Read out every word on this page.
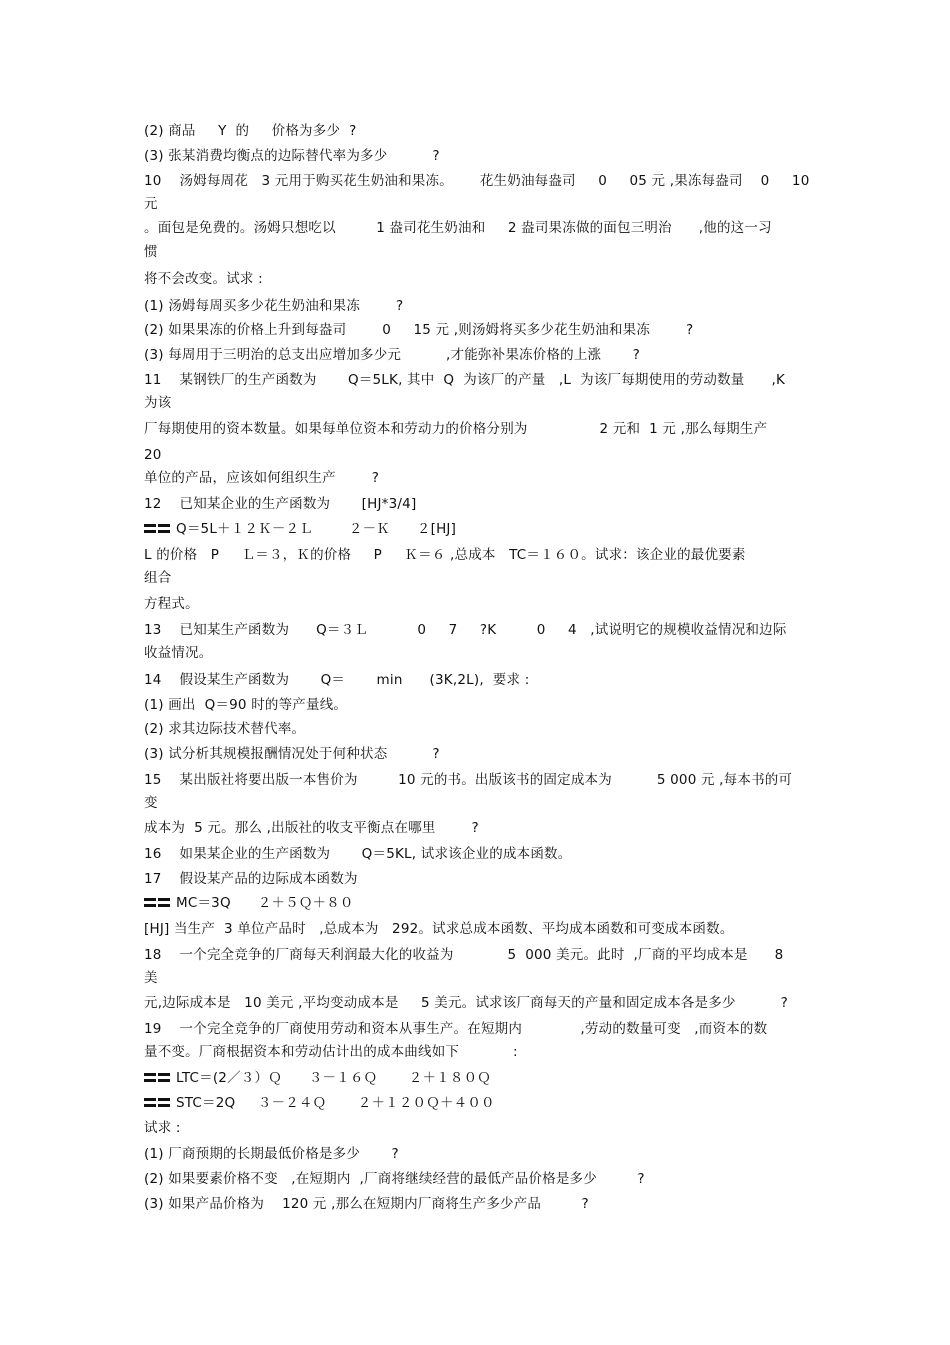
(2) 商品     Y  的     价格为多少  ?
(3) 张某消费均衡点的边际替代率为多少          ?
10    汤姆每周花   3 元用于购买花生奶油和果冻。      花生奶油每盎司     0     05 元 ,果冻每盎司    0     10
元
。面包是免费的。汤姆只想吃以         1 盎司花生奶油和     2 盎司果冻做的面包三明治      ,他的这一习
惯
将不会改变。试求 :
(1) 汤姆每周买多少花生奶油和果冻        ?
(2) 如果果冻的价格上升到每盎司        0     15 元 ,则汤姆将买多少花生奶油和果冻        ?
(3) 每周用于三明治的总支出应增加多少元          ,才能弥补果冻价格的上涨       ?
11    某钢铁厂的生产函数为       Q＝5LK, 其中  Q  为该厂的产量   ,L  为该厂每期使用的劳动数量      ,K
为该
厂每期使用的资本数量。如果每单位资本和劳动力的价格分别为                2 元和  1 元 ,那么每期生产
20
单位的产品，应该如何组织生产        ?
12    已知某企业的生产函数为       [HJ*3/4]
Q＝5L＋１２Ｋ－２Ｌ        ２－Ｋ      ２[HJ]
L 的价格   P     Ｌ＝３，Ｋ的价格     P     Ｋ＝６ ,总成本   TC＝１６０。试求：该企业的最优要素
组合
方程式。
13    已知某生产函数为      Q＝３Ｌ           0     7     ?K         0     4   ,试说明它的规模收益情况和边际
收益情况。
14    假设某生产函数为       Q＝       min      (3K,2L),  要求 :
(1) 画出  Q＝90 时的等产量线。
(2) 求其边际技术替代率。
(3) 试分析其规模报酬情况处于何种状态          ?
15    某出版社将要出版一本售价为         10 元的书。出版该书的固定成本为          5 000 元 ,每本书的可
变
成本为  5 元。那么 ,出版社的收支平衡点在哪里        ?
16    如果某企业的生产函数为       Q＝5KL, 试求该企业的成本函数。
17    假设某产品的边际成本函数为
MC＝3Q      ２＋５Ｑ＋８０
[HJ] 当生产  3 单位产品时   ,总成本为   292。试求总成本函数、平均成本函数和可变成本函数。
18    一个完全竞争的厂商每天利润最大化的收益为            5  000 美元。此时  ,厂商的平均成本是      8
美
元,边际成本是   10 美元 ,平均变动成本是     5 美元。试求该厂商每天的产量和固定成本各是多少          ?
19    一个完全竞争的厂商使用劳动和资本从事生产。在短期内             ,劳动的数量可变   ,而资本的数
量不变。厂商根据资本和劳动估计出的成本曲线如下            :
LTC＝(2／３）Ｑ      ３－１６Ｑ       ２＋１８０Ｑ
STC＝2Q     ３－２４Ｑ       ２＋１２０Ｑ＋４００
试求 :
(1) 厂商预期的长期最低价格是多少       ?
(2) 如果要素价格不变   ,在短期内  ,厂商将继续经营的最低产品价格是多少         ?
(3) 如果产品价格为    120 元 ,那么在短期内厂商将生产多少产品         ?
